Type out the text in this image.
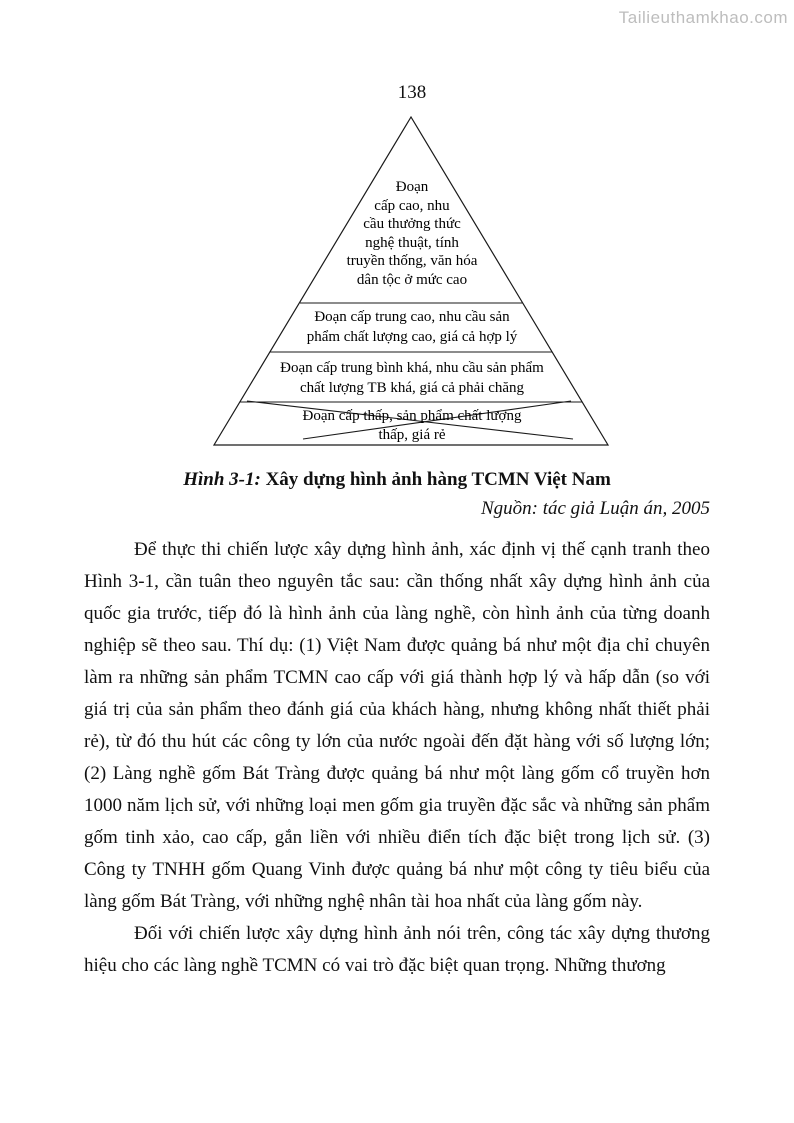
Tailieuthamkhao.com
138
Đoạn
cấp cao, nhu
cầu thưởng thức
nghệ thuật, tính
truyền thống, văn hóa
dân tộc ở mức cao
Đoạn cấp trung cao, nhu cầu sản
phẩm chất lượng cao, giá cả hợp lý
Đoạn cấp trung bình khá, nhu cầu sản phẩm
chất lượng TB khá, giá cả phải chăng
Đoạn cấp thấp, sản phẩm chất lượng
thấp, giá rẻ
Hình 3-1: Xây dựng hình ảnh hàng TCMN Việt Nam
Nguồn: tác giả Luận án, 2005

Để thực thi chiến lược xây dựng hình ảnh, xác định vị thế cạnh tranh theo Hình 3-1, cần tuân theo nguyên tắc sau: cần thống nhất xây dựng hình ảnh của quốc gia trước, tiếp đó là hình ảnh của làng nghề, còn hình ảnh của từng doanh nghiệp sẽ theo sau. Thí dụ: (1) Việt Nam được quảng bá như một địa chỉ chuyên làm ra những sản phẩm TCMN cao cấp với giá thành hợp lý và hấp dẫn (so với giá trị của sản phẩm theo đánh giá của khách hàng, nhưng không nhất thiết phải rẻ), từ đó thu hút các công ty lớn của nước ngoài đến đặt hàng với số lượng lớn; (2) Làng nghề gốm Bát Tràng được quảng bá như một làng gốm cổ truyền hơn 1000 năm lịch sử, với những loại men gốm gia truyền đặc sắc và những sản phẩm gốm tinh xảo, cao cấp, gắn liền với nhiều điển tích đặc biệt trong lịch sử. (3) Công ty TNHH gốm Quang Vinh được quảng bá như một công ty tiêu biểu của làng gốm Bát Tràng, với những nghệ nhân tài hoa nhất của làng gốm này.

Đối với chiến lược xây dựng hình ảnh nói trên, công tác xây dựng thương hiệu cho các làng nghề TCMN có vai trò đặc biệt quan trọng. Những thương
